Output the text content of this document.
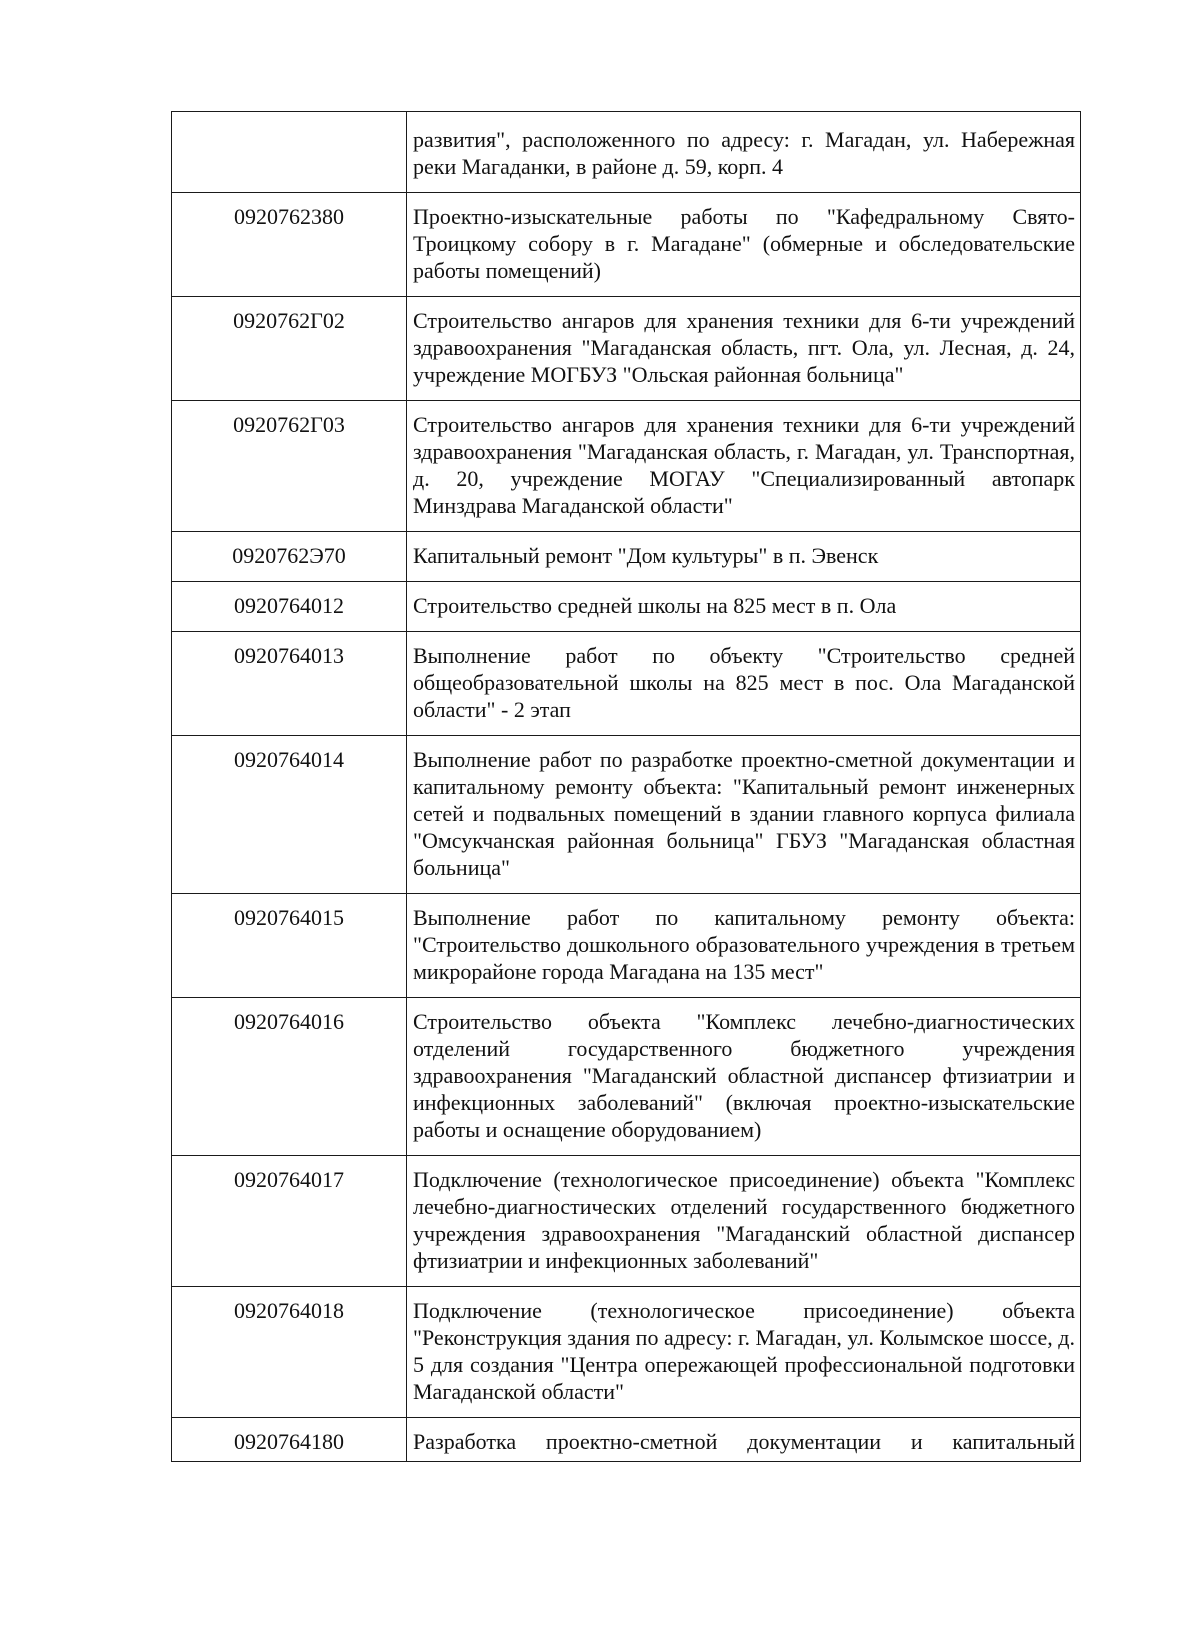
	развития", расположенного по адресу: г. Магадан, ул. Набережная реки Магаданки, в районе д. 59, корп. 4
0920762380	Проектно-изыскательные работы по "Кафедральному Свято-Троицкому собору в г. Магадане" (обмерные и обследовательские работы помещений)
0920762Г02	Строительство ангаров для хранения техники для 6-ти учреждений здравоохранения "Магаданская область, пгт. Ола, ул. Лесная, д. 24, учреждение МОГБУЗ "Ольская районная больница"
0920762Г03	Строительство ангаров для хранения техники для 6-ти учреждений здравоохранения "Магаданская область, г. Магадан, ул. Транспортная, д. 20, учреждение МОГАУ "Специализированный автопарк Минздрава Магаданской области"
0920762Э70	Капитальный ремонт "Дом культуры" в п. Эвенск
0920764012	Строительство средней школы на 825 мест в п. Ола
0920764013	Выполнение работ по объекту "Строительство средней общеобразовательной школы на 825 мест в пос. Ола Магаданской области" - 2 этап
0920764014	Выполнение работ по разработке проектно-сметной документации и капитальному ремонту объекта: "Капитальный ремонт инженерных сетей и подвальных помещений в здании главного корпуса филиала "Омсукчанская районная больница" ГБУЗ "Магаданская областная больница"
0920764015	Выполнение работ по капитальному ремонту объекта: "Строительство дошкольного образовательного учреждения в третьем микрорайоне города Магадана на 135 мест"
0920764016	Строительство объекта "Комплекс лечебно-диагностических отделений государственного бюджетного учреждения здравоохранения "Магаданский областной диспансер фтизиатрии и инфекционных заболеваний" (включая проектно-изыскательские работы и оснащение оборудованием)
0920764017	Подключение (технологическое присоединение) объекта "Комплекс лечебно-диагностических отделений государственного бюджетного учреждения здравоохранения "Магаданский областной диспансер фтизиатрии и инфекционных заболеваний"
0920764018	Подключение (технологическое присоединение) объекта "Реконструкция здания по адресу: г. Магадан, ул. Колымское шоссе, д. 5 для создания "Центра опережающей профессиональной подготовки Магаданской области"
0920764180	Разработка проектно-сметной документации и капитальный
